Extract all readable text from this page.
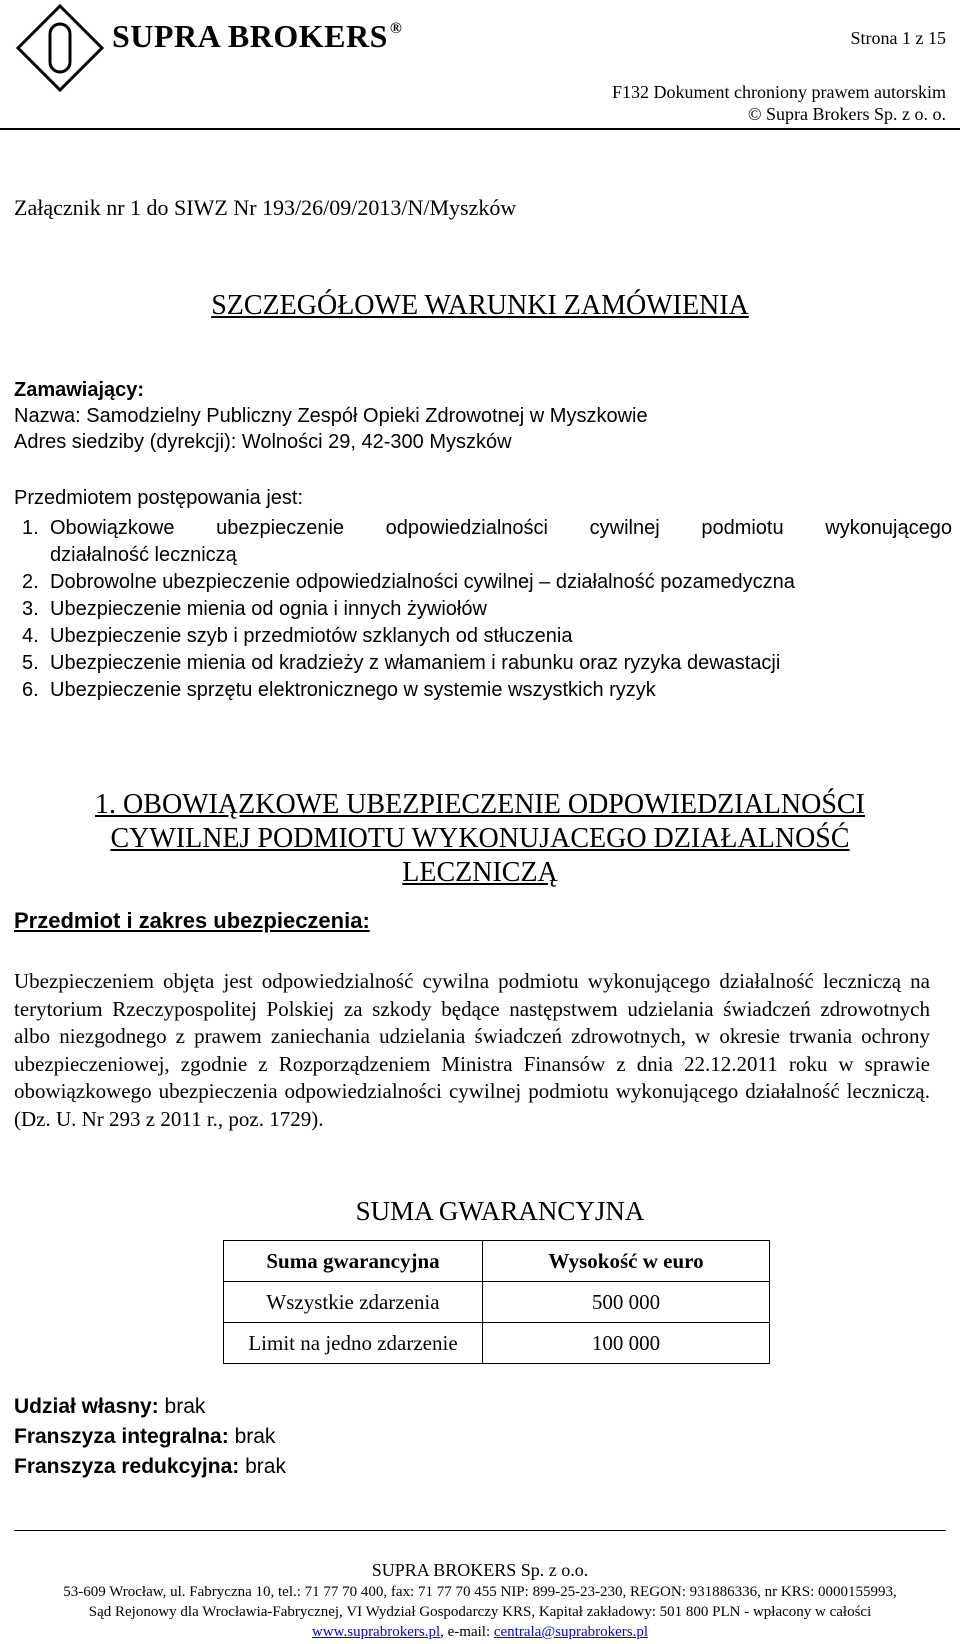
SUPRA BROKERS ®	Strona 1 z 15
F132 Dokument chroniony prawem autorskim
© Supra Brokers Sp. z o. o.
Załącznik nr 1 do SIWZ Nr 193/26/09/2013/N/Myszków
SZCZEGÓŁOWE WARUNKI ZAMÓWIENIA
Zamawiający:
Nazwa: Samodzielny Publiczny Zespół Opieki Zdrowotnej w Myszkowie
Adres siedziby (dyrekcji): Wolności 29, 42-300 Myszków
Przedmiotem postępowania jest:
1. Obowiązkowe ubezpieczenie odpowiedzialności cywilnej podmiotu wykonującego
działalność leczniczą
2. Dobrowolne ubezpieczenie odpowiedzialności cywilnej – działalność pozamedyczna
3. Ubezpieczenie mienia od ognia i innych żywiołów
4. Ubezpieczenie szyb i przedmiotów szklanych od stłuczenia
5. Ubezpieczenie mienia od kradzieży z włamaniem i rabunku oraz ryzyka dewastacji
6. Ubezpieczenie sprzętu elektronicznego w systemie wszystkich ryzyk
1. OBOWIĄZKOWE UBEZPIECZENIE ODPOWIEDZIALNOŚCI
CYWILNEJ PODMIOTU WYKONUJACEGO DZIAŁALNOŚĆ
LECZNICZĄ
Przedmiot i zakres ubezpieczenia:
Ubezpieczeniem objęta jest odpowiedzialność cywilna podmiotu wykonującego działalność leczniczą na terytorium Rzeczypospolitej Polskiej za szkody będące następstwem udzielania świadczeń zdrowotnych albo niezgodnego z prawem zaniechania udzielania świadczeń zdrowotnych, w okresie trwania ochrony ubezpieczeniowej, zgodnie z Rozporządzeniem Ministra Finansów z dnia 22.12.2011 roku w sprawie obowiązkowego ubezpieczenia odpowiedzialności cywilnej podmiotu wykonującego działalność leczniczą. (Dz. U. Nr 293 z 2011 r., poz. 1729).
SUMA GWARANCYJNA
Suma gwarancyjna	Wysokość w euro
Wszystkie zdarzenia	500 000
Limit na jedno zdarzenie	100 000
Udział własny: brak
Franszyza integralna: brak
Franszyza redukcyjna: brak
SUPRA BROKERS Sp. z o.o.
53-609 Wrocław, ul. Fabryczna 10, tel.: 71 77 70 400, fax: 71 77 70 455 NIP: 899-25-23-230, REGON: 931886336, nr KRS: 0000155993,
Sąd Rejonowy dla Wrocławia-Fabrycznej, VI Wydział Gospodarczy KRS, Kapitał zakładowy: 501 800 PLN - wpłacony w całości
www.suprabrokers.pl, e-mail: centrala@suprabrokers.pl
